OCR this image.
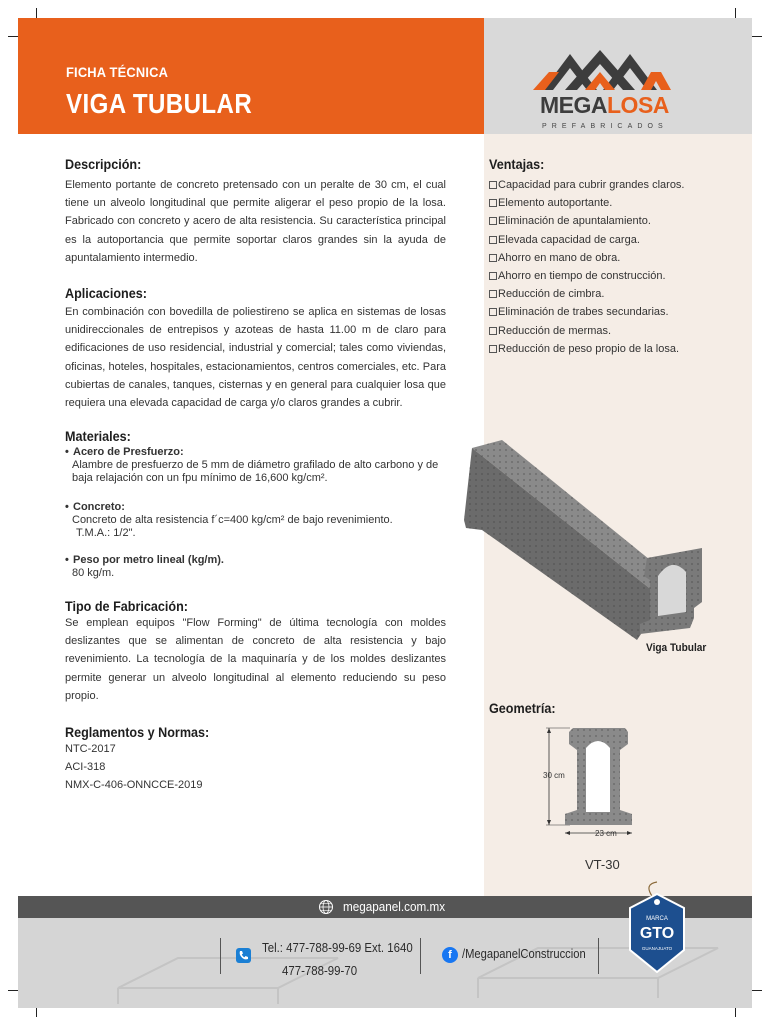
FICHA TÉCNICA
VIGA TUBULAR	MEGALOSA
PREFABRICADOS
Descripción:
Elemento portante de concreto pretensado con un peralte de 30 cm, el cual tiene un alveolo longitudinal que permite aligerar el peso propio de la losa. Fabricado con concreto y acero de alta resistencia. Su característica principal es la autoportancia que permite soportar claros grandes sin la ayuda de apuntalamiento intermedio.
Aplicaciones:
En combinación con bovedilla de poliestireno se aplica en sistemas de losas unidireccionales de entrepisos y azoteas de hasta 11.00 m de claro para edificaciones de uso residencial, industrial y comercial; tales como viviendas, oficinas, hoteles, hospitales, estacionamientos, centros comerciales, etc. Para cubiertas de canales, tanques, cisternas y en general para cualquier losa que requiera una elevada capacidad de carga y/o claros grandes a cubrir.
Materiales:
• Acero de Presfuerzo:
Alambre de presfuerzo de 5 mm de diámetro grafilado de alto carbono y de
baja relajación con un fpu mínimo de 16,600 kg/cm².
• Concreto:
Concreto de alta resistencia f´c=400 kg/cm² de bajo revenimiento.
T.M.A.: 1/2".
• Peso por metro lineal (kg/m).
80 kg/m.
Tipo de Fabricación:
Se emplean equipos "Flow Forming" de última tecnología con moldes deslizantes que se alimentan de concreto de alta resistencia y bajo revenimiento. La tecnología de la maquinaría y de los moldes deslizantes permite generar un alveolo longitudinal al elemento reduciendo su peso propio.
Reglamentos y Normas:
NTC-2017
ACI-318
NMX-C-406-ONNCCE-2019
Ventajas:
Capacidad para cubrir grandes claros.
Elemento autoportante.
Eliminación de apuntalamiento.
Elevada capacidad de carga.
Ahorro en mano de obra.
Ahorro en tiempo de construcción.
Reducción de cimbra.
Eliminación de trabes secundarias.
Reducción de mermas.
Reducción de peso propio de la losa.
Viga Tubular
Geometría:
30 cm
23 cm
VT-30
megapanel.com.mx
Tel.: 477-788-99-69 Ext. 1640
477-788-99-70
f /MegapanelConstruccion
MARCA
GTO
GUANAJUATO
